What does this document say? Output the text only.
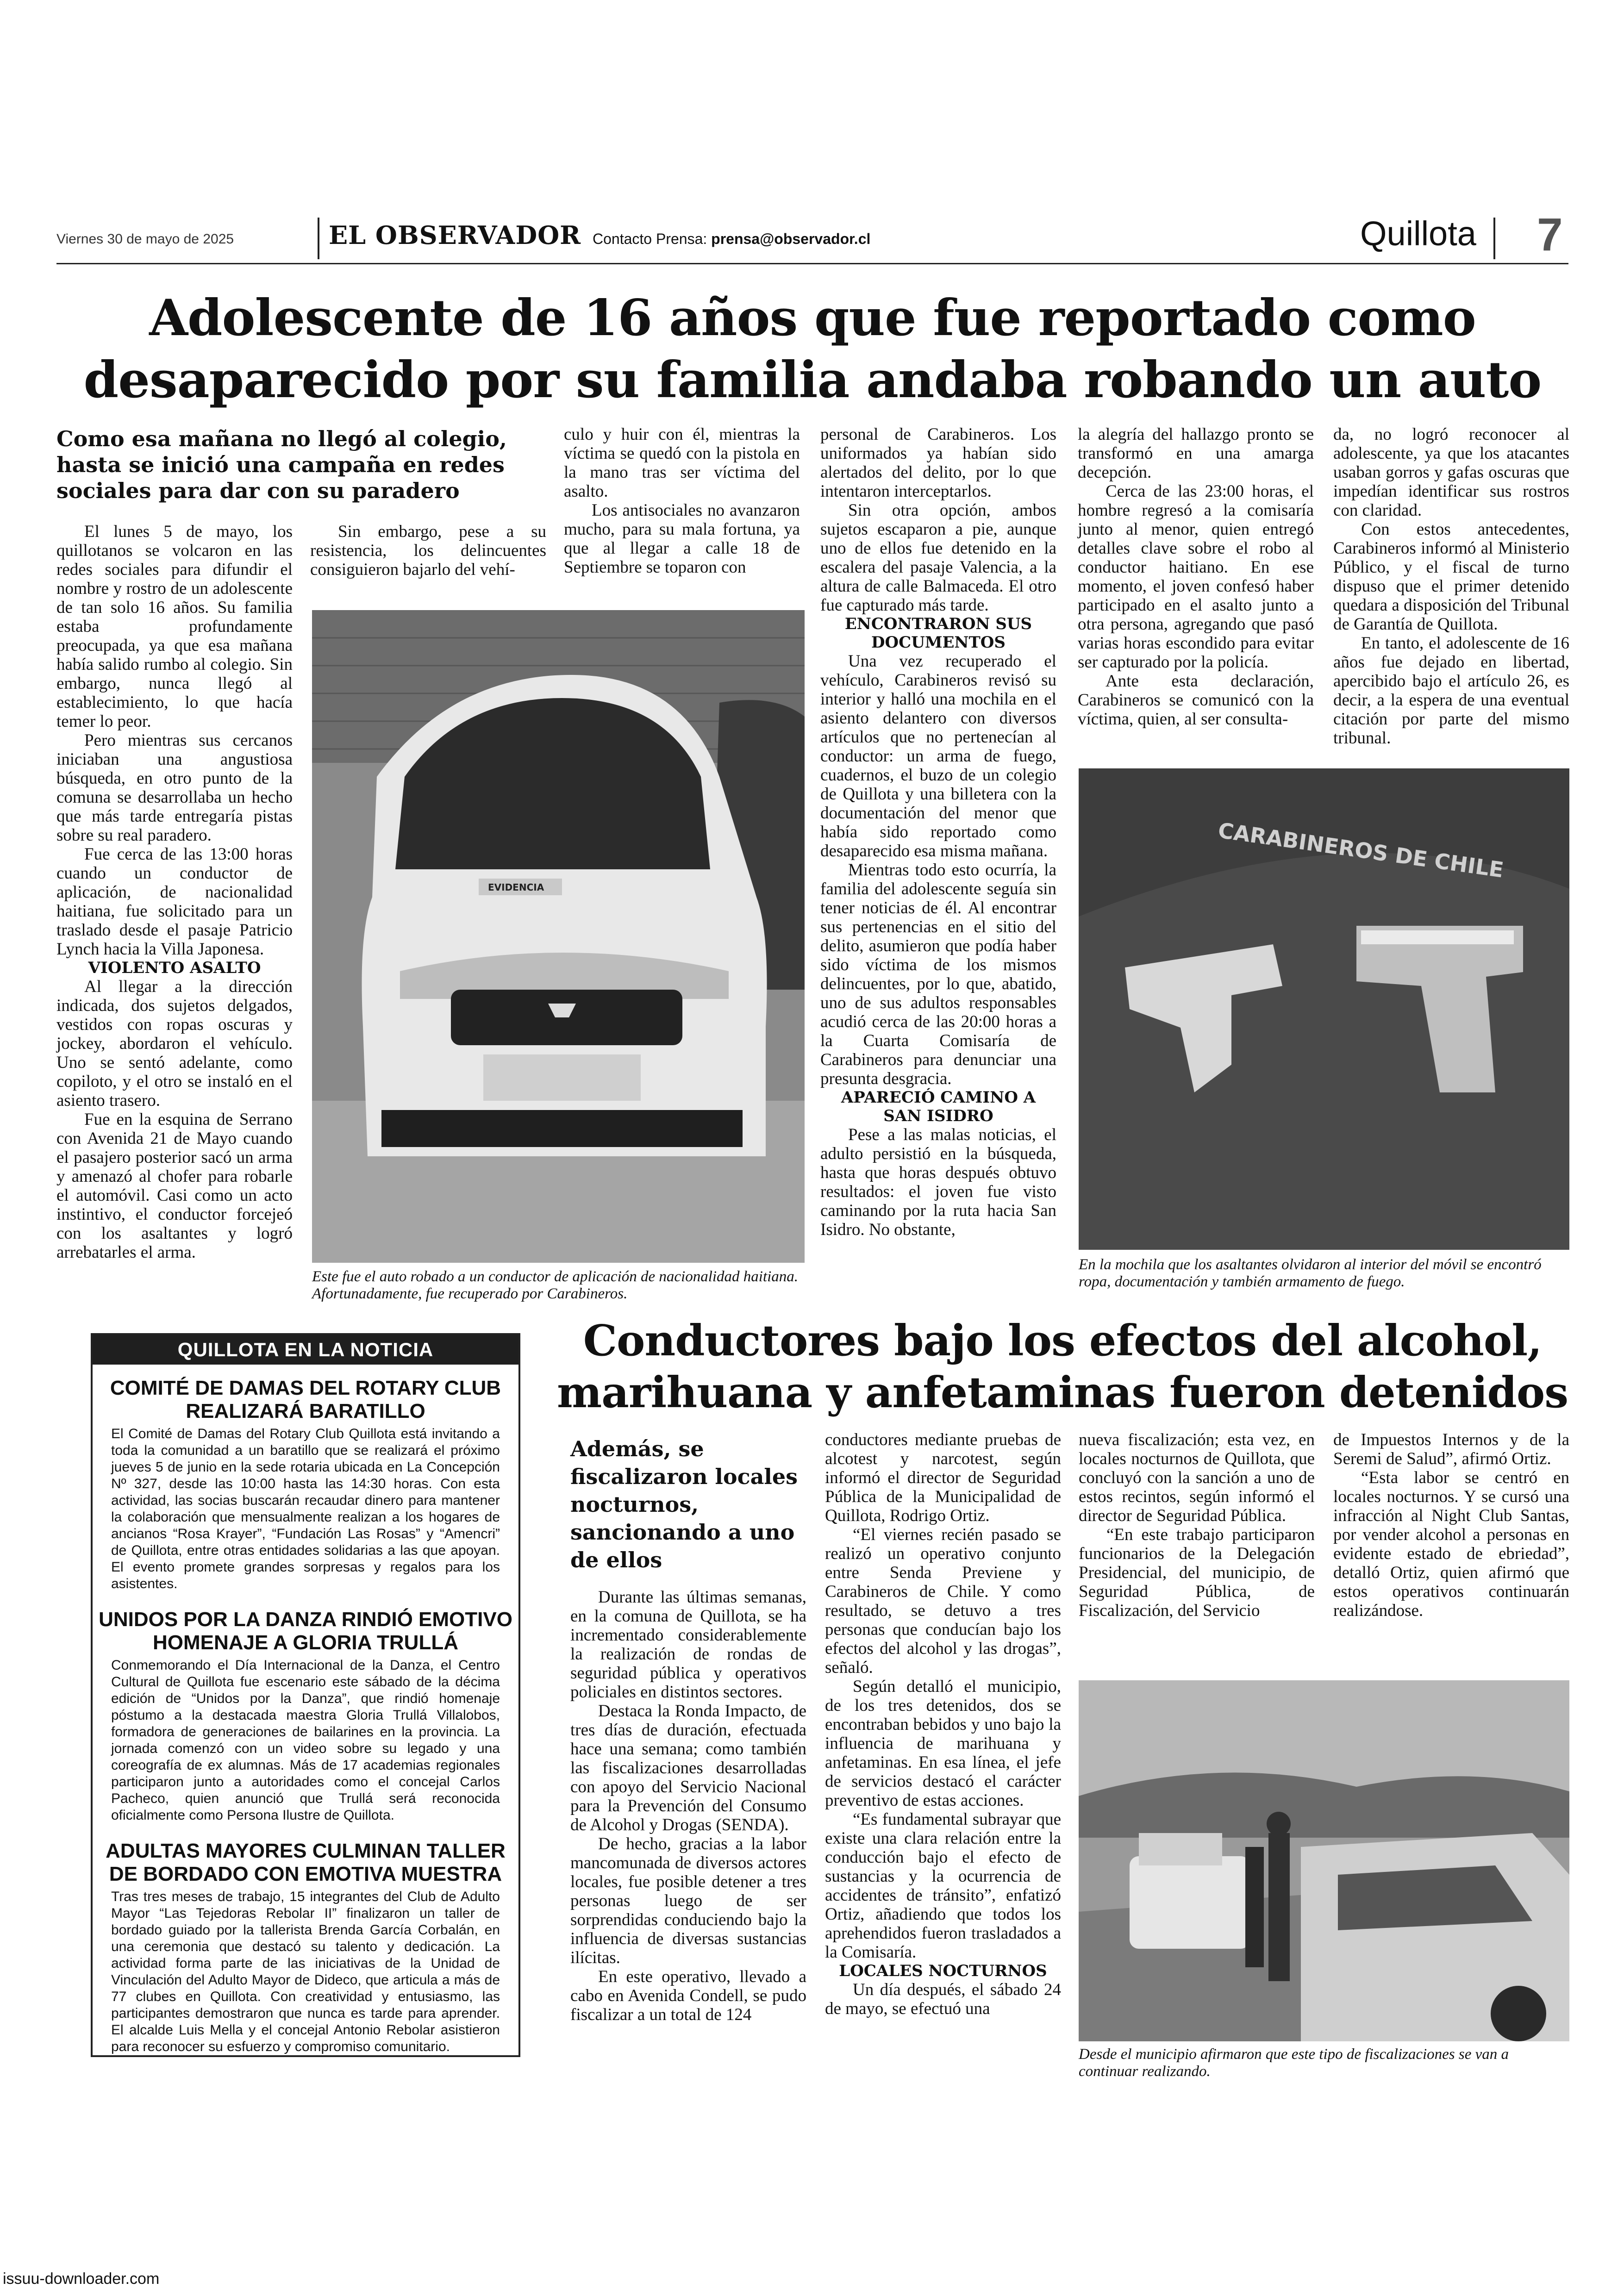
Viernes 30 de mayo de 2025	EL OBSERVADOR Contacto Prensa: prensa@observador.cl	Quillota 7
Adolescente de 16 años que fue reportado como
desaparecido por su familia andaba robando un auto
Como esa mañana no llegó al colegio, hasta se inició una campaña en redes sociales para dar con su paradero

El lunes 5 de mayo, los quillotanos se volcaron en las redes sociales para difundir el nombre y rostro de un adolescente de tan solo 16 años. Su familia estaba profundamente preocupada, ya que esa mañana había salido rumbo al colegio. Sin embargo, nunca llegó al establecimiento, lo que hacía temer lo peor.

Pero mientras sus cercanos iniciaban una angustiosa búsqueda, en otro punto de la comuna se desarrollaba un hecho que más tarde entregaría pistas sobre su real paradero.

Fue cerca de las 13:00 horas cuando un conductor de aplicación, de nacionalidad haitiana, fue solicitado para un traslado desde el pasaje Patricio Lynch hacia la Villa Japonesa.

VIOLENTO ASALTO

Al llegar a la dirección indicada, dos sujetos delgados, vestidos con ropas oscuras y jockey, abordaron el vehículo. Uno se sentó adelante, como copiloto, y el otro se instaló en el asiento trasero.

Fue en la esquina de Serrano con Avenida 21 de Mayo cuando el pasajero posterior sacó un arma y amenazó al chofer para robarle el automóvil. Casi como un acto instintivo, el conductor forcejeó con los asaltantes y logró arrebatarles el arma.

Sin embargo, pese a su resistencia, los delincuentes consiguieron bajarlo del vehí-

culo y huir con él, mientras la víctima se quedó con la pistola en la mano tras ser víctima del asalto.

Los antisociales no avanzaron mucho, para su mala fortuna, ya que al llegar a calle 18 de Septiembre se toparon con

EVIDENCIA
Este fue el auto robado a un conductor de aplicación de nacionalidad haitiana. Afortunadamente, fue recuperado por Carabineros.

personal de Carabineros. Los uniformados ya habían sido alertados del delito, por lo que intentaron interceptarlos.

Sin otra opción, ambos sujetos escaparon a pie, aunque uno de ellos fue detenido en la escalera del pasaje Valencia, a la altura de calle Balmaceda. El otro fue capturado más tarde.

ENCONTRARON SUS DOCUMENTOS

Una vez recuperado el vehículo, Carabineros revisó su interior y halló una mochila en el asiento delantero con diversos artículos que no pertenecían al conductor: un arma de fuego, cuadernos, el buzo de un colegio de Quillota y una billetera con la documentación del menor que había sido reportado como desaparecido esa misma mañana.

Mientras todo esto ocurría, la familia del adolescente seguía sin tener noticias de él. Al encontrar sus pertenencias en el sitio del delito, asumieron que podía haber sido víctima de los mismos delincuentes, por lo que, abatido, uno de sus adultos responsables acudió cerca de las 20:00 horas a la Cuarta Comisaría de Carabineros para denunciar una presunta desgracia.

APARECIÓ CAMINO A SAN ISIDRO

Pese a las malas noticias, el adulto persistió en la búsqueda, hasta que horas después obtuvo resultados: el joven fue visto caminando por la ruta hacia San Isidro. No obstante,

la alegría del hallazgo pronto se transformó en una amarga decepción.

Cerca de las 23:00 horas, el hombre regresó a la comisaría junto al menor, quien entregó detalles clave sobre el robo al conductor haitiano. En ese momento, el joven confesó haber participado en el asalto junto a otra persona, agregando que pasó varias horas escondido para evitar ser capturado por la policía.

Ante esta declaración, Carabineros se comunicó con la víctima, quien, al ser consulta-

da, no logró reconocer al adolescente, ya que los atacantes usaban gorros y gafas oscuras que impedían identificar sus rostros con claridad.

Con estos antecedentes, Carabineros informó al Ministerio Público, y el fiscal de turno dispuso que el primer detenido quedara a disposición del Tribunal de Garantía de Quillota.

En tanto, el adolescente de 16 años fue dejado en libertad, apercibido bajo el artículo 26, es decir, a la espera de una eventual citación por parte del mismo tribunal.

CARABINEROS DE CHILE
En la mochila que los asaltantes olvidaron al interior del móvil se encontró ropa, documentación y también armamento de fuego.
QUILLOTA EN LA NOTICIA
COMITÉ DE DAMAS DEL ROTARY CLUB REALIZARÁ BARATILLO

El Comité de Damas del Rotary Club Quillota está invitando a toda la comunidad a un baratillo que se realizará el próximo jueves 5 de junio en la sede rotaria ubicada en La Concepción Nº 327, desde las 10:00 hasta las 14:30 horas. Con esta actividad, las socias buscarán recaudar dinero para mantener la colaboración que mensualmente realizan a los hogares de ancianos “Rosa Krayer”, “Fundación Las Rosas” y “Amencri” de Quillota, entre otras entidades solidarias a las que apoyan. El evento promete grandes sorpresas y regalos para los asistentes.

UNIDOS POR LA DANZA RINDIÓ EMOTIVO HOMENAJE A GLORIA TRULLÁ

Conmemorando el Día Internacional de la Danza, el Centro Cultural de Quillota fue escenario este sábado de la décima edición de “Unidos por la Danza”, que rindió homenaje póstumo a la destacada maestra Gloria Trullá Villalobos, formadora de generaciones de bailarines en la provincia. La jornada comenzó con un video sobre su legado y una coreografía de ex alumnas. Más de 17 academias regionales participaron junto a autoridades como el concejal Carlos Pacheco, quien anunció que Trullá será reconocida oficialmente como Persona Ilustre de Quillota.

ADULTAS MAYORES CULMINAN TALLER DE BORDADO CON EMOTIVA MUESTRA

Tras tres meses de trabajo, 15 integrantes del Club de Adulto Mayor “Las Tejedoras Rebolar II” finalizaron un taller de bordado guiado por la tallerista Brenda García Corbalán, en una ceremonia que destacó su talento y dedicación. La actividad forma parte de las iniciativas de la Unidad de Vinculación del Adulto Mayor de Dideco, que articula a más de 77 clubes en Quillota. Con creatividad y entusiasmo, las participantes demostraron que nunca es tarde para aprender. El alcalde Luis Mella y el concejal Antonio Rebolar asistieron para reconocer su esfuerzo y compromiso comunitario.

Conductores bajo los efectos del alcohol,
marihuana y anfetaminas fueron detenidos
Además, se fiscalizaron locales nocturnos, sancionando a uno de ellos

Durante las últimas semanas, en la comuna de Quillota, se ha incrementado considerablemente la realización de rondas de seguridad pública y operativos policiales en distintos sectores.

Destaca la Ronda Impacto, de tres días de duración, efectuada hace una semana; como también las fiscalizaciones desarrolladas con apoyo del Servicio Nacional para la Prevención del Consumo de Alcohol y Drogas (SENDA).

De hecho, gracias a la labor mancomunada de diversos actores locales, fue posible detener a tres personas luego de ser sorprendidas conduciendo bajo la influencia de diversas sustancias ilícitas.

En este operativo, llevado a cabo en Avenida Condell, se pudo fiscalizar a un total de 124

conductores mediante pruebas de alcotest y narcotest, según informó el director de Seguridad Pública de la Municipalidad de Quillota, Rodrigo Ortiz.

“El viernes recién pasado se realizó un operativo conjunto entre Senda Previene y Carabineros de Chile. Y como resultado, se detuvo a tres personas que conducían bajo los efectos del alcohol y las drogas”, señaló.

Según detalló el municipio, de los tres detenidos, dos se encontraban bebidos y uno bajo la influencia de marihuana y anfetaminas. En esa línea, el jefe de servicios destacó el carácter preventivo de estas acciones.

“Es fundamental subrayar que existe una clara relación entre la conducción bajo el efecto de sustancias y la ocurrencia de accidentes de tránsito”, enfatizó Ortiz, añadiendo que todos los aprehendidos fueron trasladados a la Comisaría.

LOCALES NOCTURNOS

Un día después, el sábado 24 de mayo, se efectuó una

nueva fiscalización; esta vez, en locales nocturnos de Quillota, que concluyó con la sanción a uno de estos recintos, según informó el director de Seguridad Pública.

“En este trabajo participaron funcionarios de la Delegación Presidencial, del municipio, de Seguridad Pública, de Fiscalización, del Servicio

de Impuestos Internos y de la Seremi de Salud”, afirmó Ortiz.

“Esta labor se centró en locales nocturnos. Y se cursó una infracción al Night Club Santas, por vender alcohol a personas en evidente estado de ebriedad”, detalló Ortiz, quien afirmó que estos operativos continuarán realizándose.

Desde el municipio afirmaron que este tipo de fiscalizaciones se van a continuar realizando.
issuu-downloader.com
